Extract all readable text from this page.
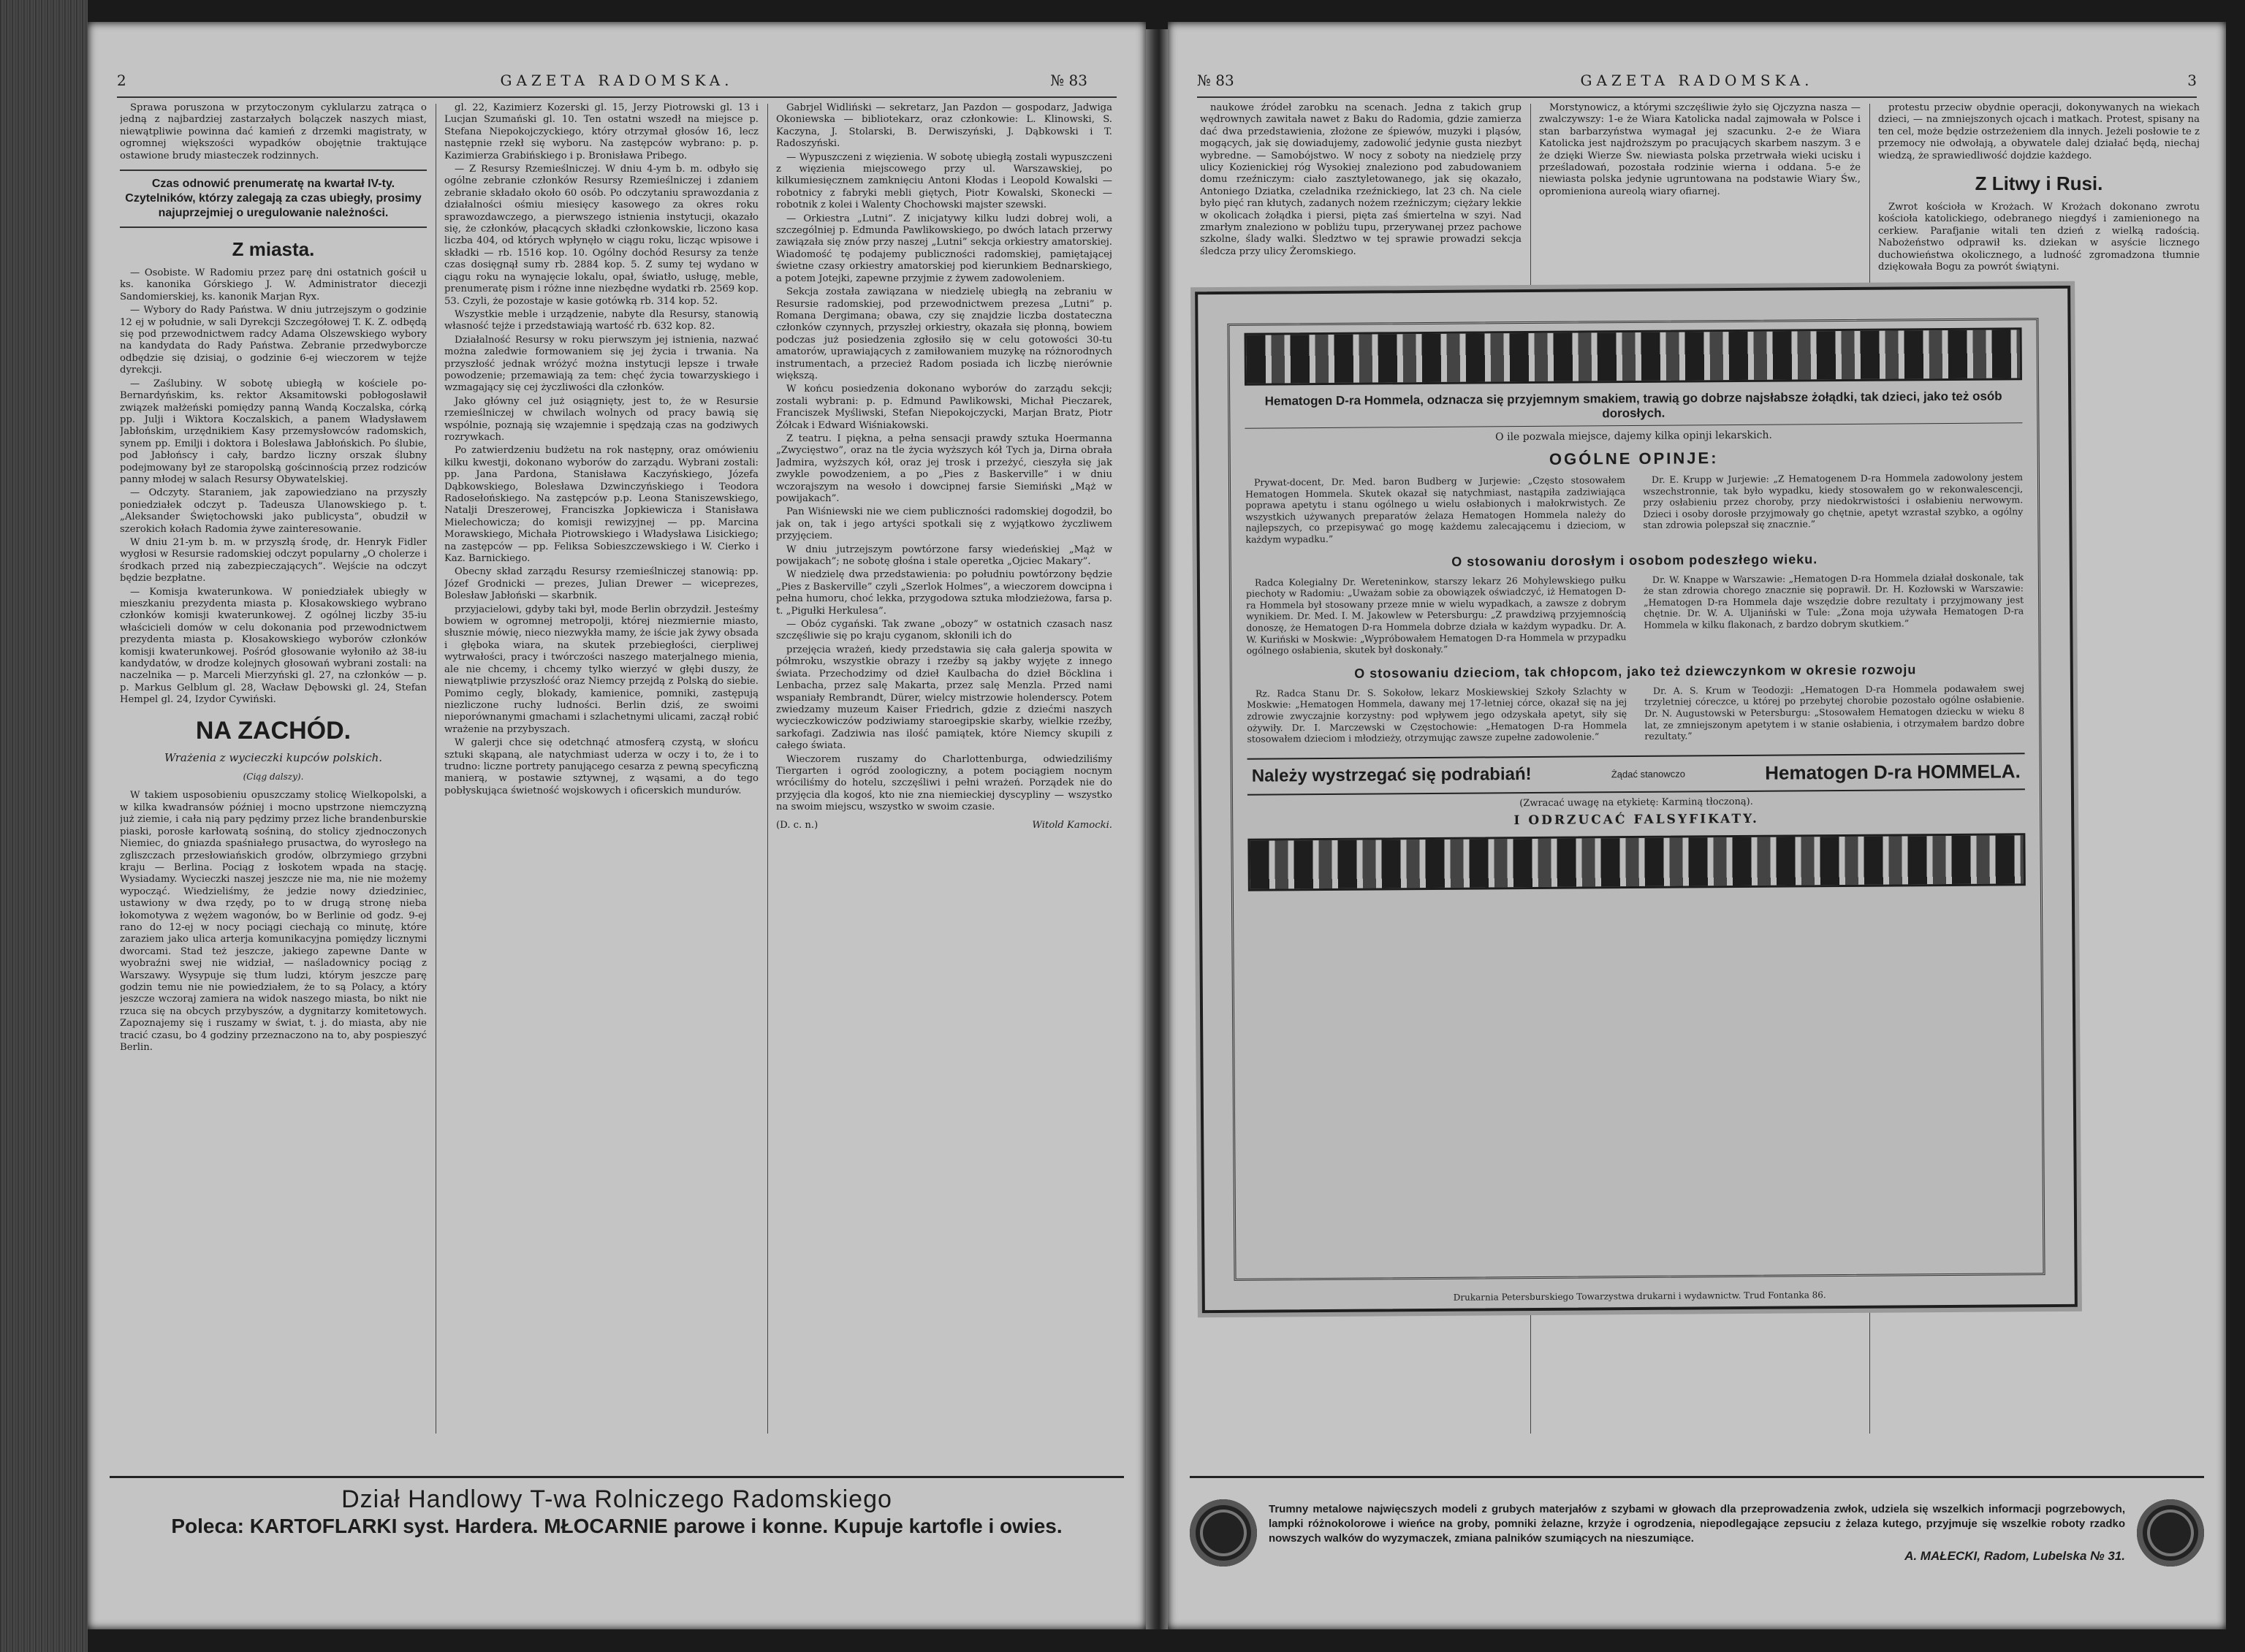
2	GAZETA RADOMSKA.	№ 83

Sprawa poruszona w przytoczonym cyklularzu zatrąca o jedną z najbardziej zastarzałych bolączek naszych miast, niewątpliwie powinna dać kamień z drzemki magistraty, w ogromnej większości wypadków obojętnie traktujące ostawione brudy miasteczek rodzinnych.

Czas odnowić prenumeratę na kwartał IV-ty.
Czytelników, którzy zalegają za czas ubiegły, prosimy najuprzejmiej o uregulowanie należności.
Z miasta.

— Osobiste. W Radomiu przez parę dni ostatnich gościł u ks. kanonika Górskiego J. W. Administrator diecezji Sandomierskiej, ks. kanonik Marjan Ryx.

— Wybory do Rady Państwa. W dniu jutrzejszym o godzinie 12 ej w południe, w sali Dyrekcji Szczegółowej T. K. Z. odbędą się pod przewodnictwem radcy Adama Olszewskiego wybory na kandydata do Rady Państwa. Zebranie przedwyborcze odbędzie się dzisiaj, o godzinie 6-ej wieczorem w tejże dyrekcji.

— Zaślubiny. W sobotę ubiegłą w kościele po-Bernardyńskim, ks. rektor Aksamitowski pobłogosławił związek małżeński pomiędzy panną Wandą Koczalska, córką pp. Julji i Wiktora Koczalskich, a panem Władysławem Jabłońskim, urzędnikiem Kasy przemysłowców radomskich, synem pp. Emilji i doktora i Bolesława Jabłońskich. Po ślubie, pod Jabłońscy i cały, bardzo liczny orszak ślubny podejmowany był ze staropolską gościnnością przez rodziców panny młodej w salach Resursy Obywatelskiej.

— Odczyty. Staraniem, jak zapowiedziano na przyszły poniedziałek odczyt p. Tadeusza Ulanowskiego p. t. „Aleksander Świętochowski jako publicysta”, obudził w szerokich kołach Radomia żywe zainteresowanie.

W dniu 21-ym b. m. w przyszłą środę, dr. Henryk Fidler wygłosi w Resursie radomskiej odczyt popularny „O cholerze i środkach przed nią zabezpieczających”. Wejście na odczyt będzie bezpłatne.

— Komisja kwaterunkowa. W poniedziałek ubiegły w mieszkaniu prezydenta miasta p. Kłosakowskiego wybrano członków komisji kwaterunkowej. Z ogólnej liczby 35-iu właścicieli domów w celu dokonania pod przewodnictwem prezydenta miasta p. Kłosakowskiego wyborów członków komisji kwaterunkowej. Pośród głosowanie wyłoniło aż 38-iu kandydatów, w drodze kolejnych głosowań wybrani zostali: na naczelnika — p. Marceli Mierzyński gl. 27, na członków — p. p. Markus Gelblum gl. 28, Wacław Dębowski gl. 24, Stefan Hempel gl. 24, Izydor Cywiński.

NA ZACHÓD.
Wrażenia z wycieczki kupców polskich.
(Ciąg dalszy).

W takiem usposobieniu opuszczamy stolicę Wielkopolski, a w kilka kwadransów później i mocno upstrzone niemczyzną już ziemie, i cała nią pary pędzimy przez liche brandenburskie piaski, porosłe karłowatą sośniną, do stolicy zjednoczonych Niemiec, do gniazda spaśniałego prusactwa, do wyrosłego na zgliszczach przesłowiańskich grodów, olbrzymiego grzybni kraju — Berlina. Pociąg z łoskotem wpada na stację. Wysiadamy. Wycieczki naszej jeszcze nie ma, nie nie możemy wypocząć. Wiedzieliśmy, że jedzie nowy dziedziniec, ustawiony w dwa rzędy, po to w drugą stronę nieba łokomotywa z wężem wagonów, bo w Berlinie od godz. 9-ej rano do 12-ej w nocy pociągi ciechają co minutę, które zaraziem jako ulica arterja komunikacyjna pomiędzy licznymi dworcami. Stad też jeszcze, jakiego zapewne Dante w wyobraźni swej nie widział, — naśladownicy pociąg z Warszawy. Wysypuje się tłum ludzi, którym jeszcze parę godzin temu nie nie powiedziałem, że to są Polacy, a który jeszcze wczoraj zamiera na widok naszego miasta, bo nikt nie rzuca się na obcych przybyszów, a dygnitarzy komitetowych. Zapoznajemy się i ruszamy w świat, t. j. do miasta, aby nie tracić czasu, bo 4 godziny przeznaczono na to, aby pospieszyć Berlin.

gl. 22, Kazimierz Kozerski gl. 15, Jerzy Piotrowski gl. 13 i Lucjan Szumański gl. 10. Ten ostatni wszedł na miejsce p. Stefana Niepokojczyckiego, który otrzymał głosów 16, lecz następnie rzekł się wyboru. Na zastępców wybrano: p. p. Kazimierza Grabińskiego i p. Bronisława Pribego.

— Z Resursy Rzemieślniczej. W dniu 4-ym b. m. odbyło się ogólne zebranie członków Resursy Rzemieślniczej i zdaniem zebranie składało około 60 osób. Po odczytaniu sprawozdania z działalności ośmiu miesięcy kasowego za okres roku sprawozdawczego, a pierwszego istnienia instytucji, okazało się, że członków, płacących składki członkowskie, liczono kasa liczba 404, od których wpłynęło w ciągu roku, licząc wpisowe i składki — rb. 1516 kop. 10. Ogólny dochód Resursy za tenże czas dosięgnął sumy rb. 2884 kop. 5. Z sumy tej wydano w ciągu roku na wynajęcie lokalu, opał, światło, usługę, meble, prenumeratę pism i różne inne niezbędne wydatki rb. 2569 kop. 53. Czyli, że pozostaje w kasie gotówką rb. 314 kop. 52.

Wszystkie meble i urządzenie, nabyte dla Resursy, stanowią własność tejże i przedstawiają wartość rb. 632 kop. 82.

Działalność Resursy w roku pierwszym jej istnienia, nazwać można zaledwie formowaniem się jej życia i trwania. Na przyszłość jednak wróżyć można instytucji lepsze i trwałe powodzenie; przemawiają za tem: chęć życia towarzyskiego i wzmagający się cej życzliwości dla członków.

Jako główny cel już osiągnięty, jest to, że w Resursie rzemieślniczej w chwilach wolnych od pracy bawią się wspólnie, poznają się wzajemnie i spędzają czas na godziwych rozrywkach.

Po zatwierdzeniu budżetu na rok następny, oraz omówieniu kilku kwestji, dokonano wyborów do zarządu. Wybrani zostali: pp. Jana Pardona, Stanisława Kaczyńskiego, Józefa Dąbkowskiego, Bolesława Dzwinczyńskiego i Teodora Radosełońskiego. Na zastępców p.p. Leona Staniszewskiego, Natalji Dreszerowej, Franciszka Jopkiewicza i Stanisława Mielechowicza; do komisji rewizyjnej — pp. Marcina Morawskiego, Michała Piotrowskiego i Władysława Lisickiego; na zastępców — pp. Feliksa Sobieszczewskiego i W. Cierko i Kaz. Barnickiego.

Obecny skład zarządu Resursy rzemieślniczej stanowią: pp. Józef Grodnicki — prezes, Julian Drewer — wiceprezes, Bolesław Jabłoński — skarbnik.

przyjacielowi, gdyby taki był, mode Berlin obrzydził. Jesteśmy bowiem w ogromnej metropolji, której niezmiernie miasto, słusznie mówię, nieco niezwykła mamy, że iście jak żywy obsada i głęboka wiara, na skutek przebiegłości, cierpliwej wytrwałości, pracy i twórczości naszego materjalnego mienia, ale nie chcemy, i chcemy tylko wierzyć w głębi duszy, że niewątpliwie przyszłość oraz Niemcy przejdą z Polską do siebie. Pomimo cegly, blokady, kamienice, pomniki, zastępują niezliczone ruchy ludności. Berlin dziś, ze swoimi nieporównanymi gmachami i szlachetnymi ulicami, zaczął robić wrażenie na przybyszach.

W galerji chce się odetchnąć atmosferą czystą, w słońcu sztuki skąpaną, ale natychmiast uderza w oczy i to, że i to trudno: liczne portrety panującego cesarza z pewną specyficzną manierą, w postawie sztywnej, z wąsami, a do tego pobłyskująca świetność wojskowych i oficerskich mundurów.

Gabrjel Widliński — sekretarz, Jan Pazdon — gospodarz, Jadwiga Okoniewska — bibliotekarz, oraz członkowie: L. Klinowski, S. Kaczyna, J. Stolarski, B. Derwiszyński, J. Dąbkowski i T. Radoszyński.

— Wypuszczeni z więzienia. W sobotę ubiegłą zostali wypuszczeni z więzienia miejscowego przy ul. Warszawskiej, po kilkumiesięcznem zamknięciu Antoni Kłodas i Leopold Kowalski — robotnicy z fabryki mebli giętych, Piotr Kowalski, Skonecki — robotnik z kolei i Walenty Chochowski majster szewski.

— Orkiestra „Lutni”. Z inicjatywy kilku ludzi dobrej woli, a szczególniej p. Edmunda Pawlikowskiego, po dwóch latach przerwy zawiązała się znów przy naszej „Lutni” sekcja orkiestry amatorskiej. Wiadomość tę podajemy publiczności radomskiej, pamiętającej świetne czasy orkiestry amatorskiej pod kierunkiem Bednarskiego, a potem Jotejki, zapewne przyjmie z żywem zadowoleniem.

Sekcja została zawiązana w niedzielę ubiegłą na zebraniu w Resursie radomskiej, pod przewodnictwem prezesa „Lutni” p. Romana Dergimana; obawa, czy się znajdzie liczba dostateczna członków czynnych, przyszłej orkiestry, okazała się płonną, bowiem podczas już posiedzenia zgłosiło się w celu gotowości 30-tu amatorów, uprawiających z zamiłowaniem muzykę na różnorodnych instrumentach, a przecież Radom posiada ich liczbę nierównie większą.

W końcu posiedzenia dokonano wyborów do zarządu sekcji; zostali wybrani: p. p. Edmund Pawlikowski, Michał Pieczarek, Franciszek Myśliwski, Stefan Niepokojczycki, Marjan Bratz, Piotr Żółcak i Edward Wiśniakowski.

Z teatru. I piękna, a pełna sensacji prawdy sztuka Hoermanna „Zwycięstwo”, oraz na tle życia wyższych kół Tych ja, Dirna obrała Jadmira, wyższych kół, oraz jej trosk i przeżyć, cieszyła się jak zwykle powodzeniem, a po „Pies z Baskerville” i w dniu wczorajszym na wesoło i dowcipnej farsie Siemiński „Mąż w powijakach”.

Pan Wiśniewski nie we ciem publiczności radomskiej dogodził, bo jak on, tak i jego artyści spotkali się z wyjątkowo życzliwem przyjęciem.

W dniu jutrzejszym powtórzone farsy wiedeńskiej „Mąż w powijakach”; ne sobotę głośna i stale operetka „Ojciec Makary”.

W niedzielę dwa przedstawienia: po południu powtórzony będzie „Pies z Baskerville” czyli „Szerlok Holmes”, a wieczorem dowcipna i pełna humoru, choć lekka, przygodowa sztuka młodzieżowa, farsa p. t. „Pigułki Herkulesa”.

— Obóz cygański. Tak zwane „obozy” w ostatnich czasach nasz szczęśliwie się po kraju cyganom, skłonili ich do

przejęcia wrażeń, kiedy przedstawia się cała galerja spowita w półmroku, wszystkie obrazy i rzeźby są jakby wyjęte z innego świata. Przechodzimy od dzieł Kaulbacha do dzieł Böcklina i Lenbacha, przez salę Makarta, przez salę Menzla. Przed nami wspaniały Rembrandt, Dürer, wielcy mistrzowie holenderscy. Potem zwiedzamy muzeum Kaiser Friedrich, gdzie z dziećmi naszych wycieczkowiczów podziwiamy staroegipskie skarby, wielkie rzeźby, sarkofagi. Zadziwia nas ilość pamiątek, które Niemcy skupili z całego świata.

Wieczorem ruszamy do Charlottenburga, odwiedziliśmy Tiergarten i ogród zoologiczny, a potem pociągiem nocnym wróciliśmy do hotelu, szczęśliwi i pełni wrażeń. Porządek nie do przyjęcia dla kogoś, kto nie zna niemieckiej dyscypliny — wszystko na swoim miejscu, wszystko w swoim czasie.

(D. c. n.)	Witold Kamocki.
Dział Handlowy T-wa Rolniczego Radomskiego
Poleca: KARTOFLARKI syst. Hardera. MŁOCARNIE parowe i konne. Kupuje kartofle i owies.
№ 83	GAZETA RADOMSKA.	3

naukowe źródeł zarobku na scenach. Jedna z takich grup wędrownych zawitała nawet z Baku do Radomia, gdzie zamierza dać dwa przedstawienia, złożone ze śpiewów, muzyki i pląsów, mogących, jak się dowiadujemy, zadowolić jedynie gusta niezbyt wybredne. — Samobójstwo. W nocy z soboty na niedzielę przy ulicy Kozienickiej róg Wysokiej znaleziono pod zabudowaniem domu rzeźniczym: ciało zasztyletowanego, jak się okazało, Antoniego Dziatka, czeladnika rzeźnickiego, lat 23 ch. Na ciele było pięć ran kłutych, zadanych nożem rzeźniczym; ciężary lekkie w okolicach żołądka i piersi, pięta zaś śmiertelna w szyi. Nad zmarłym znaleziono w pobliżu tupu, przerywanej przez pachowe szkolne, ślady walki. Śledztwo w tej sprawie prowadzi sekcja śledcza przy ulicy Żeromskiego.

Morstynowicz, a którymi szczęśliwie żyło się Ojczyzna nasza — zwalczywszy: 1-e że Wiara Katolicka nadal zajmowała w Polsce i stan barbarzyństwa wymagał jej szacunku. 2-e że Wiara Katolicka jest najdroższym po pracujących skarbem naszym. 3 e że dzięki Wierze Św. niewiasta polska przetrwała wieki ucisku i prześladowań, pozostała rodzinie wierna i oddana. 5-e że niewiasta polska jedynie ugruntowana na podstawie Wiary Św., opromieniona aureolą wiary ofiarnej.

protestu przeciw obydnie operacji, dokonywanych na wiekach dzieci, — na zmniejszonych ojcach i matkach. Protest, spisany na ten cel, może będzie ostrzeżeniem dla innych. Jeżeli posłowie te z przemocy nie odwołają, a obywatele dalej działać będą, niechaj wiedzą, że sprawiedliwość dojdzie każdego.

Z Litwy i Rusi.

Zwrot kościoła w Krożach. W Krożach dokonano zwrotu kościoła katolickiego, odebranego niegdyś i zamienionego na cerkiew. Parafjanie witali ten dzień z wielką radością. Nabożeństwo odprawił ks. dziekan w asyście licznego duchowieństwa okolicznego, a ludność zgromadzona tłumnie dziękowała Bogu za powrót świątyni.

Trumny metalowe najwięcszych modeli z grubych materjałów z szybami w głowach dla przeprowadzenia zwłok, udziela się wszelkich informacji pogrzebowych, lampki różnokolorowe i wieńce na groby, pomniki żelazne, krzyże i ogrodzenia, niepodlegające zepsuciu z żelaza kutego, przyjmuje się wszelkie roboty rzadko nowszych walków do wyzymaczek, zmiana palników szumiących na nieszumiące.
A. MAŁECKI, Radom, Lubelska № 31.
Hematogen D-ra Hommela, odznacza się przyjemnym smakiem, trawią go dobrze najsłabsze żołądki, tak dzieci, jako też osób dorosłych.
O ile pozwala miejsce, dajemy kilka opinji lekarskich.
OGÓLNE OPINJE:

Prywat-docent, Dr. Med. baron Budberg w Jurjewie: „Często stosowałem Hematogen Hommela. Skutek okazał się natychmiast, nastąpiła zadziwiająca poprawa apetytu i stanu ogólnego u wielu osłabionych i małokrwistych. Ze wszystkich używanych preparatów żelaza Hematogen Hommela należy do najlepszych, co przepisywać go mogę każdemu zalecającemu i dzieciom, w każdym wypadku.”

Dr. E. Krupp w Jurjewie: „Z Hematogenem D-ra Hommela zadowolony jestem wszechstronnie, tak było wypadku, kiedy stosowałem go w rekonwalescencji, przy osłabieniu przez choroby, przy niedokrwistości i osłabieniu nerwowym. Dzieci i osoby dorosłe przyjmowały go chętnie, apetyt wzrastał szybko, a ogólny stan zdrowia polepszał się znacznie.”

O stosowaniu dorosłym i osobom podeszłego wieku.

Radca Kolegialny Dr. Wereteninkow, starszy lekarz 26 Mohylewskiego pułku piechoty w Radomiu: „Uważam sobie za obowiązek oświadczyć, iż Hematogen D-ra Hommela był stosowany przeze mnie w wielu wypadkach, a zawsze z dobrym wynikiem. Dr. Med. I. M. Jakowlew w Petersburgu: „Z prawdziwą przyjemnością donoszę, że Hematogen D-ra Hommela dobrze działa w każdym wypadku. Dr. A. W. Kuriński w Moskwie: „Wypróbowałem Hematogen D-ra Hommela w przypadku ogólnego osłabienia, skutek był doskonały.”

Dr. W. Knappe w Warszawie: „Hematogen D-ra Hommela działał doskonale, tak że stan zdrowia chorego znacznie się poprawił. Dr. H. Kozłowski w Warszawie: „Hematogen D-ra Hommela daje wszędzie dobre rezultaty i przyjmowany jest chętnie. Dr. W. A. Uljaniński w Tule: „Żona moja używała Hematogen D-ra Hommela w kilku flakonach, z bardzo dobrym skutkiem.”

O stosowaniu dzieciom, tak chłopcom, jako też dziewczynkom w okresie rozwoju

Rz. Radca Stanu Dr. S. Sokołow, lekarz Moskiewskiej Szkoły Szlachty w Moskwie: „Hematogen Hommela, dawany mej 17-letniej córce, okazał się na jej zdrowie zwyczajnie korzystny: pod wpływem jego odzyskała apetyt, siły się ożywiły. Dr. I. Marczewski w Częstochowie: „Hematogen D-ra Hommela stosowałem dzieciom i młodzieży, otrzymując zawsze zupełne zadowolenie.”

Dr. A. S. Krum w Teodozji: „Hematogen D-ra Hommela podawałem swej trzyletniej córeczce, u której po przebytej chorobie pozostało ogólne osłabienie. Dr. N. Augustowski w Petersburgu: „Stosowałem Hematogen dziecku w wieku 8 lat, ze zmniejszonym apetytem i w stanie osłabienia, i otrzymałem bardzo dobre rezultaty.”

Należy wystrzegać się podrabiań!	Żądać stanowczo	Hematogen D-ra HOMMELA.
(Zwracać uwagę na etykietę: Karminą tłoczoną).
I ODRZUCAĆ FALSYFIKATY.
Drukarnia Petersburskiego Towarzystwa drukarni i wydawnictw. Trud Fontanka 86.
